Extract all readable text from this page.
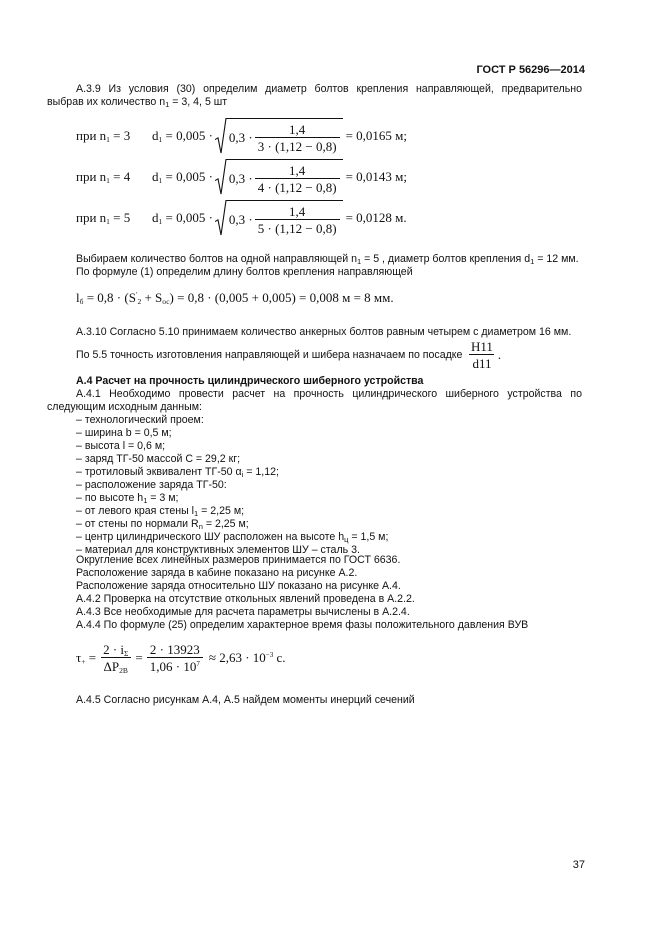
ГОСТ Р 56296—2014
А.3.9 Из условия (30) определим диаметр болтов крепления направляющей, предварительно
выбрав их количество $n_1 = 3$, 4, 5 шт
при $n_1 = 3$	$d_1 = 0,005 \cdot 0,3 \cdot \frac{1,4}{3 \cdot (1,12 - 0,8)} = 0,0165$ м;
при $n_1 = 4$	$d_1 = 0,005 \cdot 0,3 \cdot \frac{1,4}{4 \cdot (1,12 - 0,8)} = 0,0143$ м;
при $n_1 = 5$	$d_1 = 0,005 \cdot 0,3 \cdot \frac{1,4}{5 \cdot (1,12 - 0,8)} = 0,0128$ м.
Выбираем количество болтов на одной направляющей $n_1 = 5$ , диаметр болтов крепления $d_1 = 12$ мм.
По формуле (1) определим длину болтов крепления направляющей
$l_б = 0,8 \cdot (S'_2 + S_{ос}) = 0,8 \cdot (0,005 + 0,005) = 0,008$ м = 8 мм.
А.3.10 Согласно 5.10 принимаем количество анкерных болтов равным четырем с диаметром 16 мм.
По 5.5 точность изготовления направляющей и шибера назначаем по посадке $\frac{H11}{d11}$ .
А.4 Расчет на прочность цилиндрического шиберного устройства
А.4.1 Необходимо провести расчет на прочность цилиндрического шиберного устройства по
следующим исходным данным:
– технологический проем:
– ширина b = 0,5 м;
– высота l = 0,6 м;
– заряд ТГ-50 массой С = 29,2 кг;
– тротиловый эквивалент ТГ-50 $\alpha_i = 1,12$;
– расположение заряда ТГ-50:
– по высоте $h_1 = 3$ м;
– от левого края стены $l_1 = 2,25$ м;
– от стены по нормали $R_n = 2,25$ м;
– центр цилиндрического ШУ расположен на высоте $h_ц = 1,5$ м;
– материал для конструктивных элементов ШУ – сталь 3.
Округление всех линейных размеров принимается по ГОСТ 6636.
Расположение заряда в кабине показано на рисунке А.2.
Расположение заряда относительно ШУ показано на рисунке А.4.
А.4.2 Проверка на отсутствие откольных явлений проведена в А.2.2.
А.4.3 Все необходимые для расчета параметры вычислены в А.2.4.
А.4.4 По формуле (25) определим характерное время фазы положительного давления ВУВ
$\tau_+ = \frac{2 \cdot i_\Sigma}{\Delta P_{2В}} = \frac{2 \cdot 13923}{1,06 \cdot 10^7} \approx 2,63 \cdot 10^{-3}$ с.
А.4.5 Согласно рисункам А.4, А.5 найдем моменты инерций сечений
37
